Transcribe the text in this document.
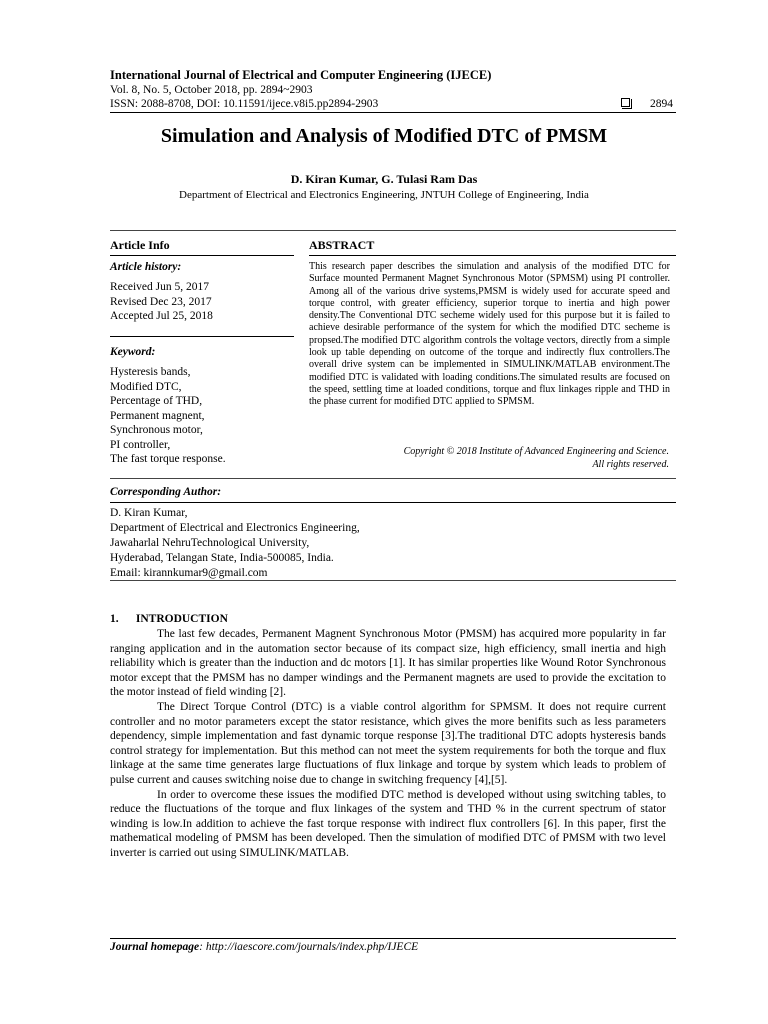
International Journal of Electrical and Computer Engineering (IJECE)
Vol. 8, No. 5, October 2018, pp. 2894~2903
ISSN: 2088-8708, DOI: 10.11591/ijece.v8i5.pp2894-2903	2894
Simulation and Analysis of Modified DTC of PMSM
D. Kiran Kumar, G. Tulasi Ram Das
Department of Electrical and Electronics Engineering, JNTUH College of Engineering, India
Article Info	ABSTRACT
Article history:
Received Jun 5, 2017
Revised Dec 23, 2017
Accepted Jul 25, 2018
Keyword:
Hysteresis bands,
Modified DTC,
Percentage of THD,
Permanent magnent,
Synchronous motor,
PI controller,
The fast torque response.
This research paper describes the simulation and analysis of the modified DTC for Surface mounted Permanent Magnet Synchronous Motor (SPMSM) using PI controller. Among all of the various drive systems,PMSM is widely used for accurate speed and torque control, with greater efficiency, superior torque to inertia and high power density.The Conventional DTC secheme widely used for this purpose but it is failed to achieve desirable performance of the system for which the modified DTC secheme is propsed.The modified DTC algorithm controls the voltage vectors, directly from a simple look up table depending on outcome of the torque and indirectly flux controllers.The overall drive system can be implemented in SIMULINK/MATLAB environment.The modified DTC is validated with loading conditions.The simulated results are focused on the speed, settling time at loaded conditions, torque and flux linkages ripple and THD in the phase current for modified DTC applied to SPMSM.
Copyright © 2018 Institute of Advanced Engineering and Science.
All rights reserved.
Corresponding Author:
D. Kiran Kumar,
Department of Electrical and Electronics Engineering,
Jawaharlal NehruTechnological University,
Hyderabad, Telangan State, India-500085, India.
Email: kirannkumar9@gmail.com
1.      INTRODUCTION

The last few decades, Permanent Magnent Synchronous Motor (PMSM) has acquired more popularity in far ranging application and in the automation sector because of its compact size, high efficiency, small inertia and high reliability which is greater than the induction and dc motors [1]. It has similar properties like Wound Rotor Synchronous motor except that the PMSM has no damper windings and the Permanent magnets are used to provide the excitation to the motor instead of field winding [2].

The Direct Torque Control (DTC) is a viable control algorithm for SPMSM. It does not require current controller and no motor parameters except the stator resistance, which gives the more benifits such as less parameters dependency, simple implementation and fast dynamic torque response [3].The traditional DTC adopts hysteresis bands control strategy for implementation. But this method can not meet the system requirements for both the torque and flux linkage at the same time generates large fluctuations of flux linkage and torque by system which leads to problem of pulse current and causes switching noise due to change in switching frequency [4],[5].

In order to overcome these issues the modified DTC method is developed without using switching tables, to reduce the fluctuations of the torque and flux linkages of the system and THD % in the current spectrum of stator winding is low.In addition to achieve the fast torque response with indirect flux controllers [6]. In this paper, first the mathematical modeling of PMSM has been developed. Then the simulation of modified DTC of PMSM with two level inverter is carried out using SIMULINK/MATLAB.

Journal homepage: http://iaescore.com/journals/index.php/IJECE
